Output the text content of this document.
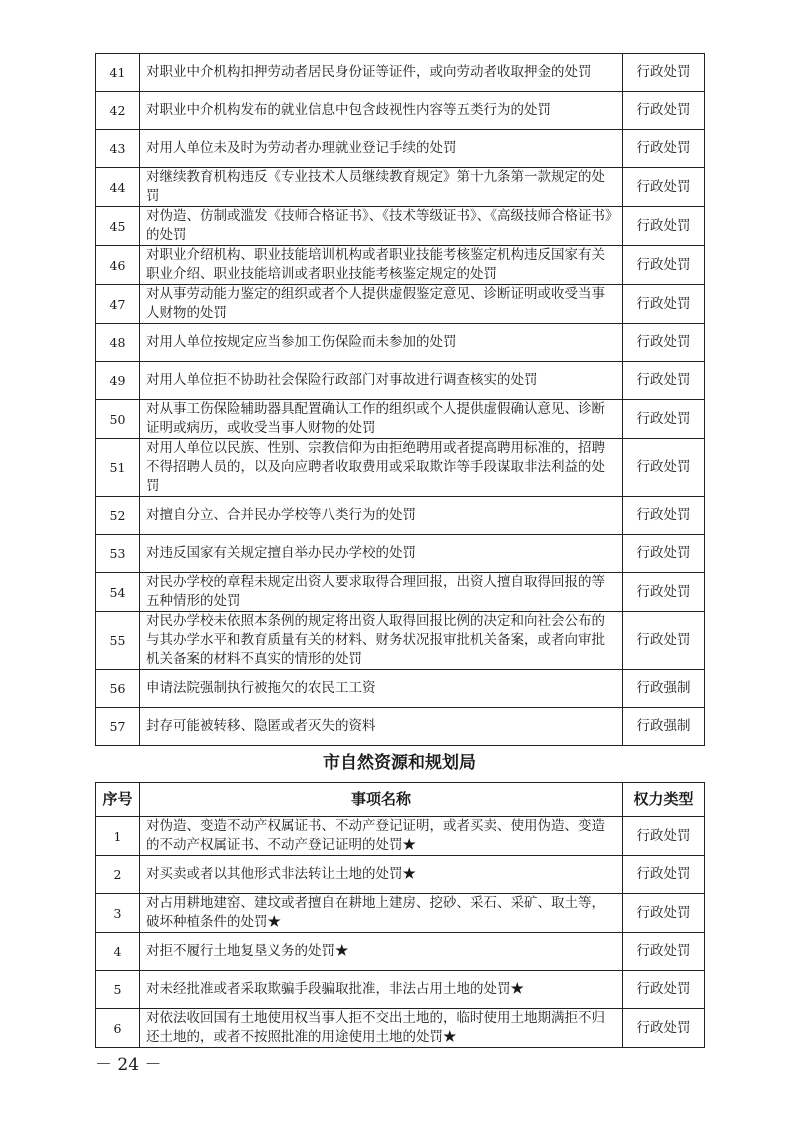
41	对职业中介机构扣押劳动者居民身份证等证件，或向劳动者收取押金的处罚	行政处罚
42	对职业中介机构发布的就业信息中包含歧视性内容等五类行为的处罚	行政处罚
43	对用人单位未及时为劳动者办理就业登记手续的处罚	行政处罚
44	对继续教育机构违反《专业技术人员继续教育规定》第十九条第一款规定的处罚	行政处罚
45	对伪造、仿制或滥发《技师合格证书》、《技术等级证书》、《高级技师合格证书》的处罚	行政处罚
46	对职业介绍机构、职业技能培训机构或者职业技能考核鉴定机构违反国家有关职业介绍、职业技能培训或者职业技能考核鉴定规定的处罚	行政处罚
47	对从事劳动能力鉴定的组织或者个人提供虚假鉴定意见、诊断证明或收受当事人财物的处罚	行政处罚
48	对用人单位按规定应当参加工伤保险而未参加的处罚	行政处罚
49	对用人单位拒不协助社会保险行政部门对事故进行调查核实的处罚	行政处罚
50	对从事工伤保险辅助器具配置确认工作的组织或个人提供虚假确认意见、诊断证明或病历，或收受当事人财物的处罚	行政处罚
51	对用人单位以民族、性别、宗教信仰为由拒绝聘用或者提高聘用标准的，招聘不得招聘人员的，以及向应聘者收取费用或采取欺诈等手段谋取非法利益的处罚	行政处罚
52	对擅自分立、合并民办学校等八类行为的处罚	行政处罚
53	对违反国家有关规定擅自举办民办学校的处罚	行政处罚
54	对民办学校的章程未规定出资人要求取得合理回报，出资人擅自取得回报的等五种情形的处罚	行政处罚
55	对民办学校未依照本条例的规定将出资人取得回报比例的决定和向社会公布的与其办学水平和教育质量有关的材料、财务状况报审批机关备案，或者向审批机关备案的材料不真实的情形的处罚	行政处罚
56	申请法院强制执行被拖欠的农民工工资	行政强制
57	封存可能被转移、隐匿或者灭失的资料	行政强制
市自然资源和规划局
序号	事项名称	权力类型
1	对伪造、变造不动产权属证书、不动产登记证明，或者买卖、使用伪造、变造的不动产权属证书、不动产登记证明的处罚★	行政处罚
2	对买卖或者以其他形式非法转让土地的处罚★	行政处罚
3	对占用耕地建窑、建坟或者擅自在耕地上建房、挖砂、采石、采矿、取土等，破坏种植条件的处罚★	行政处罚
4	对拒不履行土地复垦义务的处罚★	行政处罚
5	对未经批准或者采取欺骗手段骗取批准，非法占用土地的处罚★	行政处罚
6	对依法收回国有土地使用权当事人拒不交出土地的，临时使用土地期满拒不归还土地的，或者不按照批准的用途使用土地的处罚★	行政处罚
－ 24 －
